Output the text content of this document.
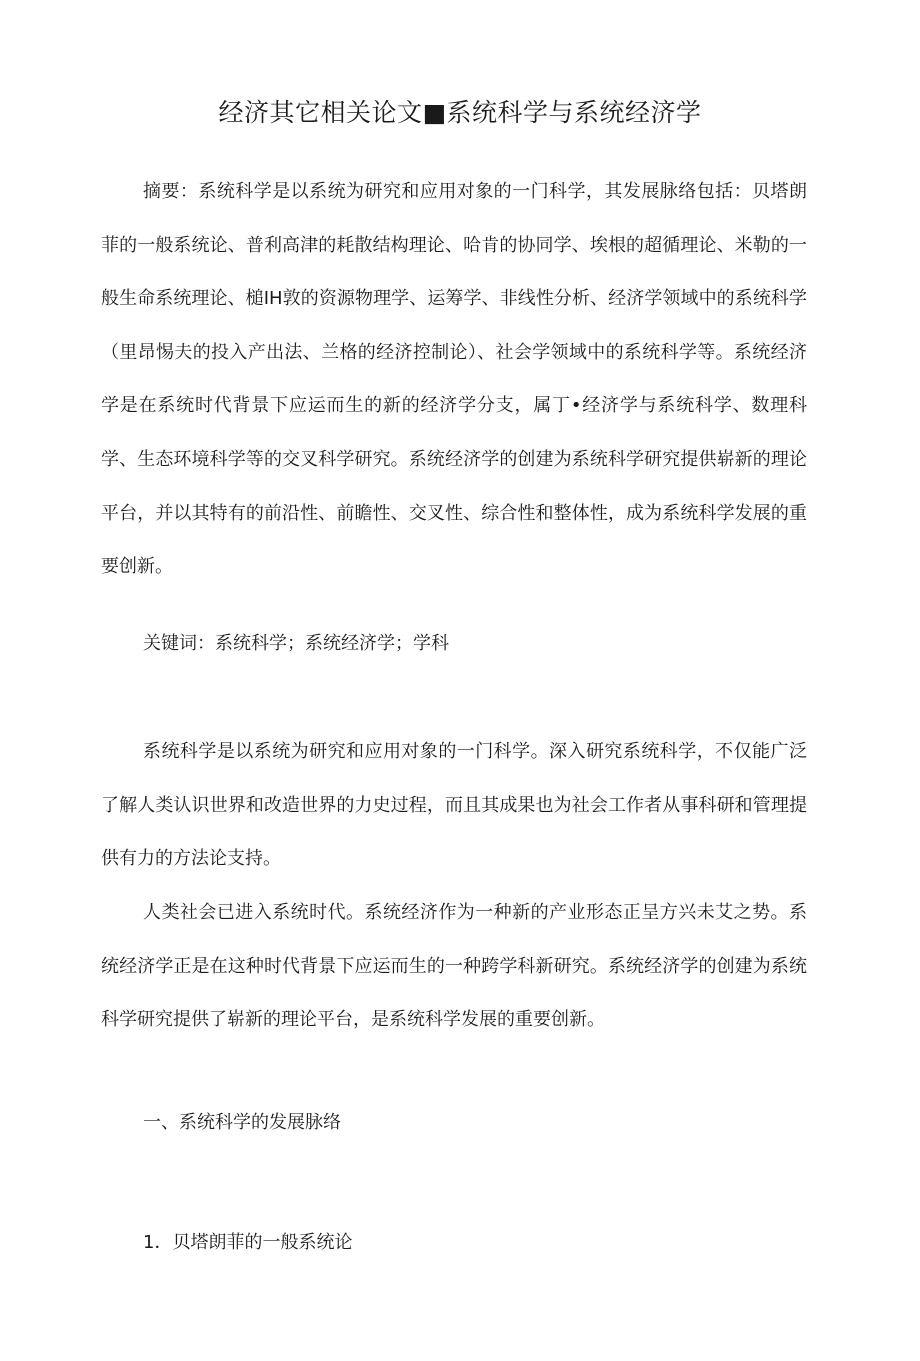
经济其它相关论文■系统科学与系统经济学

摘要：系统科学是以系统为研究和应用对象的一门科学，其发展脉络包括：贝塔朗菲的一般系统论、普利高津的耗散结构理论、哈肯的协同学、埃根的超循理论、米勒的一般生命系统理论、槌IH敦的资源物理学、运筹学、非线性分析、经济学领域中的系统科学（里昂惕夫的投入产出法、兰格的经济控制论）、社会学领域中的系统科学等。系统经济学是在系统时代背景下应运而生的新的经济学分支，属丁•经济学与系统科学、数理科学、生态环境科学等的交叉科学研究。系统经济学的创建为系统科学研究提供崭新的理论平台，并以其特有的前沿性、前瞻性、交叉性、综合性和整体性，成为系统科学发展的重要创新。

关键词：系统科学；系统经济学；学科

系统科学是以系统为研究和应用对象的一门科学。深入研究系统科学，不仅能广泛了解人类认识世界和改造世界的力史过程，而且其成果也为社会工作者从事科研和管理提供有力的方法论支持。

人类社会已进入系统时代。系统经济作为一种新的产业形态正呈方兴未艾之势。系统经济学正是在这种时代背景下应运而生的一种跨学科新研究。系统经济学的创建为系统科学研究提供了崭新的理论平台，是系统科学发展的重要创新。

一、系统科学的发展脉络
1．贝塔朗菲的一般系统论
